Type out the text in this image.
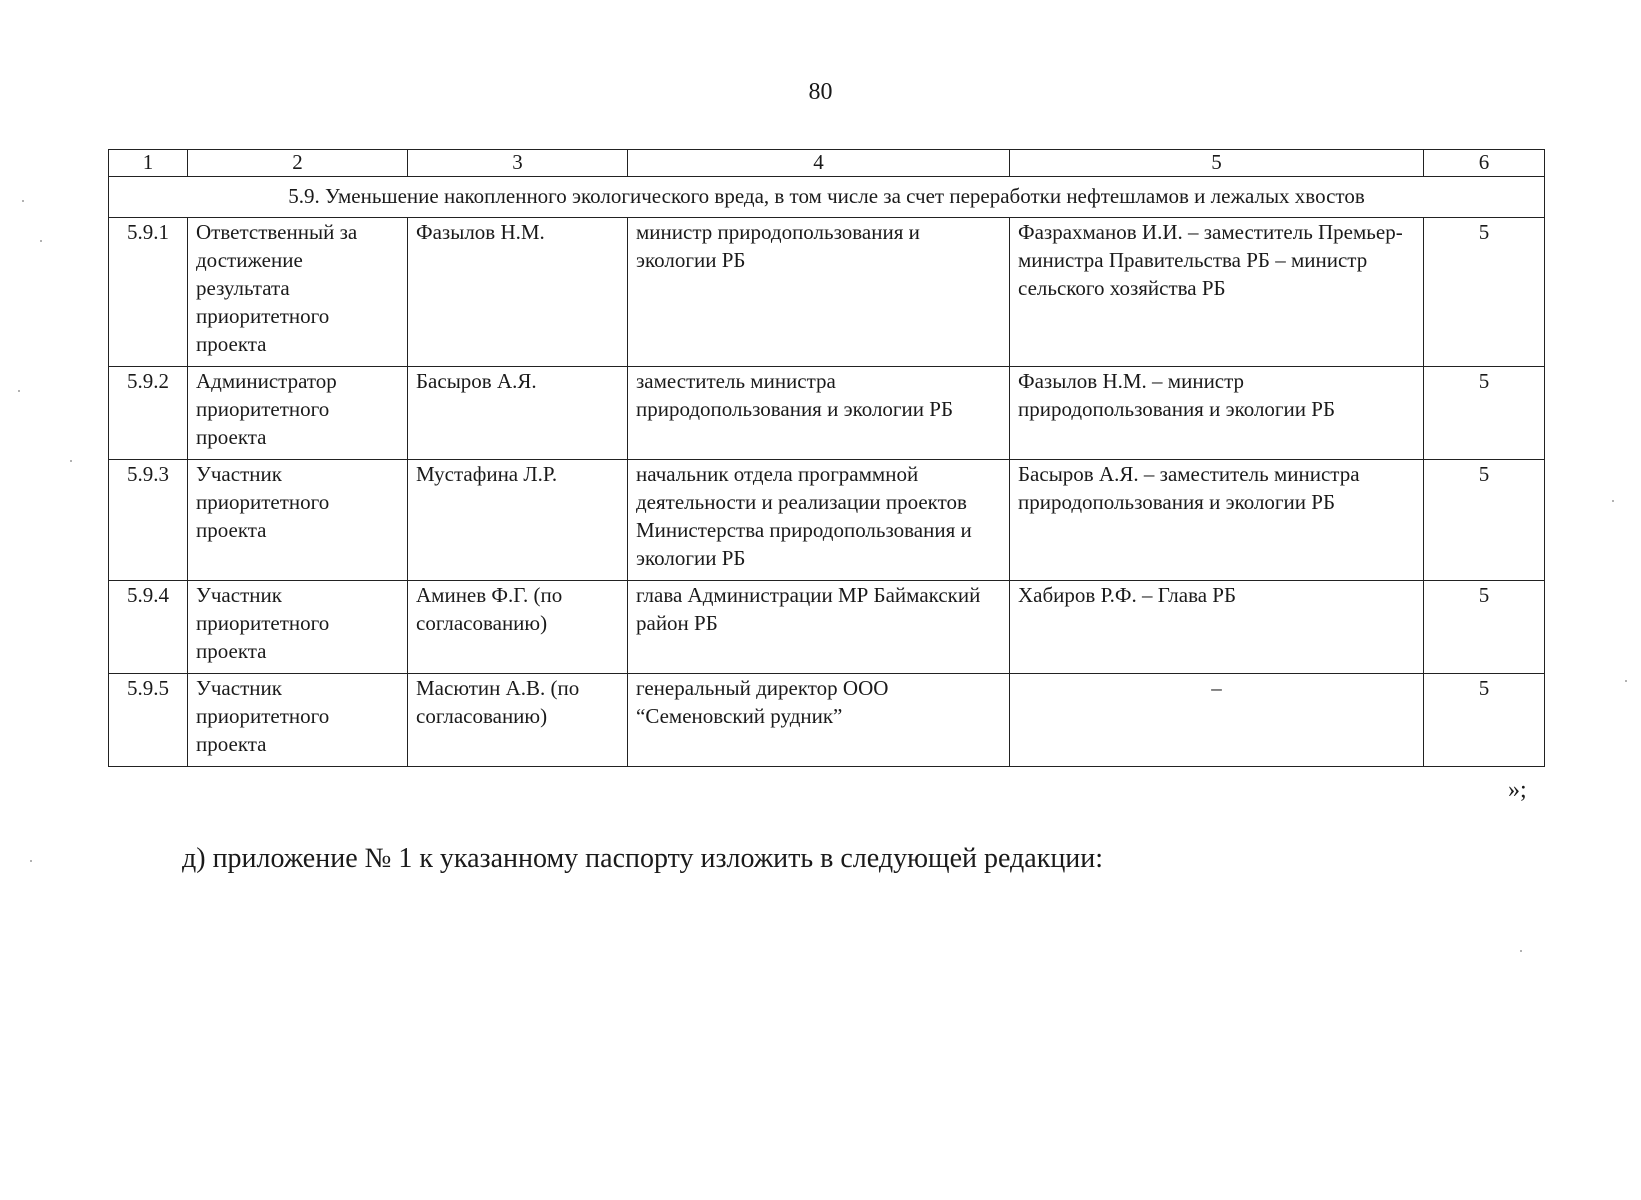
80
1	2	3	4	5	6
5.9. Уменьшение накопленного экологического вреда, в том числе за счет переработки нефтешламов и лежалых хвостов					
5.9.1	Ответственный за достижение результата приоритетного проекта	Фазылов Н.М.	министр природопользования и экологии РБ	Фазрахманов И.И. – заместитель Премьер-министра Правительства РБ – министр сельского хозяйства РБ	5
5.9.2	Администратор приоритетного проекта	Басыров А.Я.	заместитель министра природопользования и экологии РБ	Фазылов Н.М. – министр природопользования и экологии РБ	5
5.9.3	Участник приоритетного проекта	Мустафина Л.Р.	начальник отдела программной деятельности и реализации проектов Министерства природопользования и экологии РБ	Басыров А.Я. – заместитель министра природопользования и экологии РБ	5
5.9.4	Участник приоритетного проекта	Аминев Ф.Г. (по согласованию)	глава Администрации МР Баймакский район РБ	Хабиров Р.Ф. – Глава РБ	5
5.9.5	Участник приоритетного проекта	Масютин А.В. (по согласованию)	генеральный директор ООО “Семеновский рудник”	–	5
»;
д) приложение № 1 к указанному паспорту изложить в следующей редакции:
